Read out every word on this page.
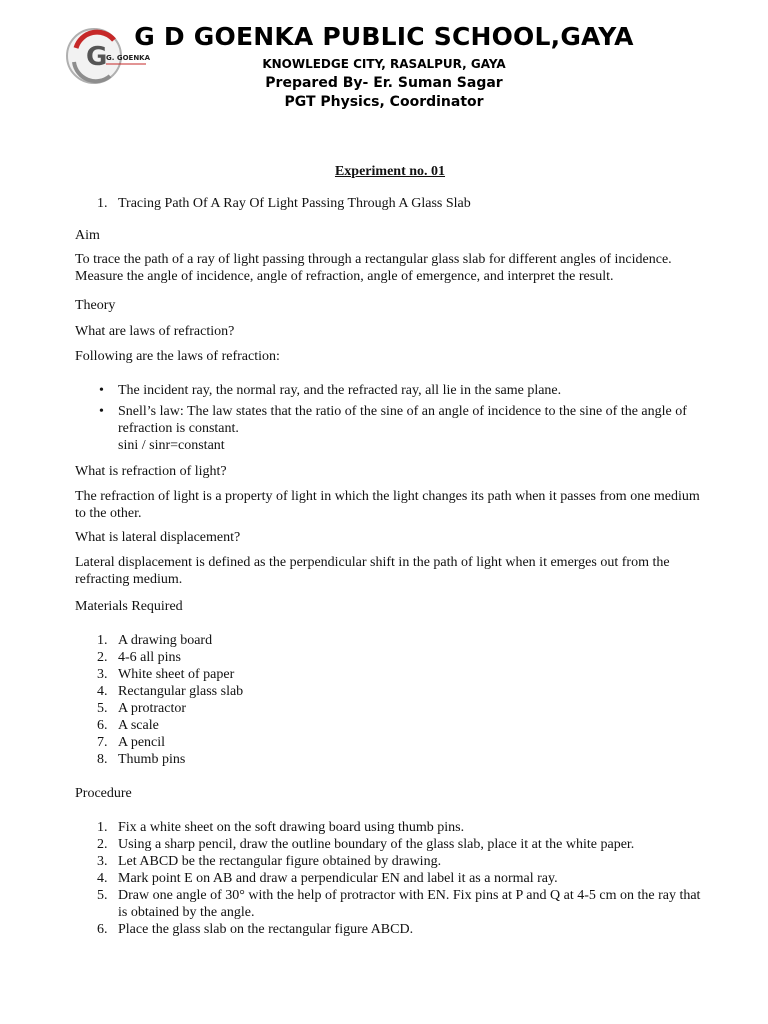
G
G. GOENKA
G D GOENKA PUBLIC SCHOOL,GAYA
KNOWLEDGE CITY, RASALPUR, GAYA
Prepared By- Er. Suman Sagar
PGT Physics, Coordinator

Experiment no. 01

1. Tracing Path Of A Ray Of Light Passing Through A Glass Slab

Aim

To trace the path of a ray of light passing through a rectangular glass slab for different angles of incidence. Measure the angle of incidence, angle of refraction, angle of emergence, and interpret the result.

Theory

What are laws of refraction?

Following are the laws of refraction:

• The incident ray, the normal ray, and the refracted ray, all lie in the same plane.
• Snell’s law: The law states that the ratio of the sine of an angle of incidence to the sine of the angle of refraction is constant.
sini / sinr=constant

What is refraction of light?

The refraction of light is a property of light in which the light changes its path when it passes from one medium to the other.

What is lateral displacement?

Lateral displacement is defined as the perpendicular shift in the path of light when it emerges out from the refracting medium.

Materials Required

1. A drawing board
2. 4-6 all pins
3. White sheet of paper
4. Rectangular glass slab
5. A protractor
6. A scale
7. A pencil
8. Thumb pins

Procedure

1. Fix a white sheet on the soft drawing board using thumb pins.
2. Using a sharp pencil, draw the outline boundary of the glass slab, place it at the white paper.
3. Let ABCD be the rectangular figure obtained by drawing.
4. Mark point E on AB and draw a perpendicular EN and label it as a normal ray.
5. Draw one angle of 30° with the help of protractor with EN. Fix pins at P and Q at 4-5 cm on the ray that is obtained by the angle.
6. Place the glass slab on the rectangular figure ABCD.
